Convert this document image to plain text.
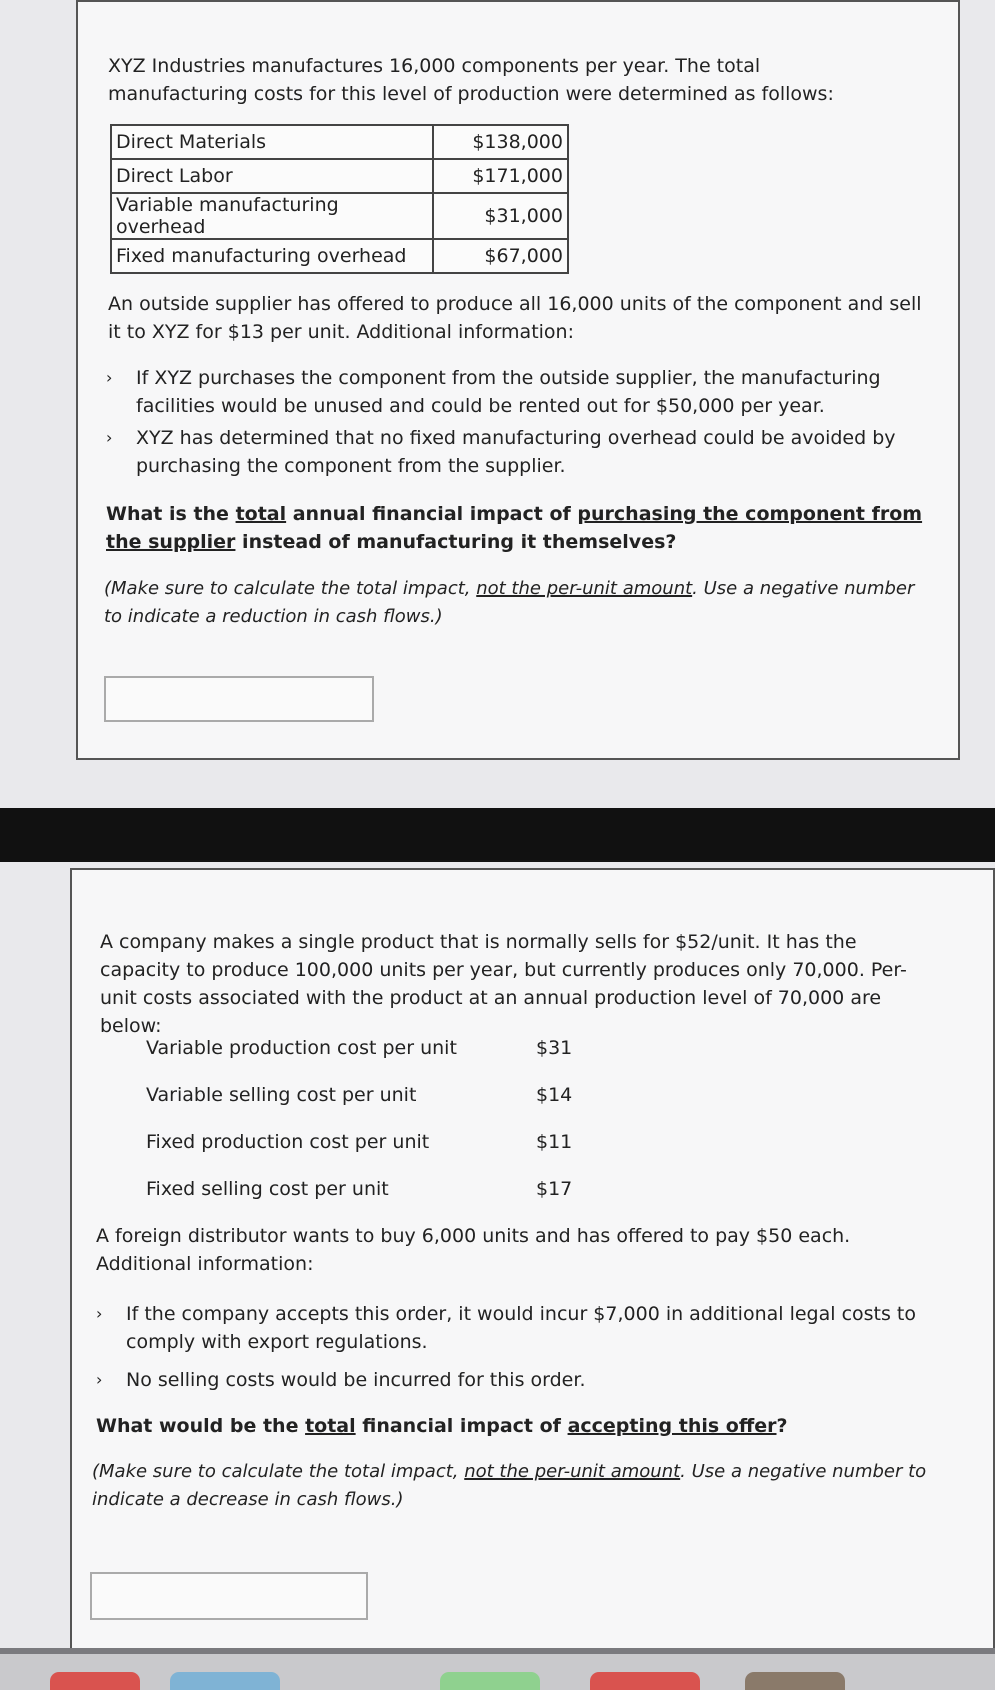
XYZ Industries manufactures 16,000 components per year. The total manufacturing costs for this level of production were determined as follows:
Direct Materials	$138,000
Direct Labor	$171,000
Variable manufacturing overhead	$31,000
Fixed manufacturing overhead	$67,000
An outside supplier has offered to produce all 16,000 units of the component and sell it to XYZ for $13 per unit. Additional information:
› If XYZ purchases the component from the outside supplier, the manufacturing facilities would be unused and could be rented out for $50,000 per year.
› XYZ has determined that no fixed manufacturing overhead could be avoided by purchasing the component from the supplier.
What is the total annual financial impact of purchasing the component from the supplier instead of manufacturing it themselves?
(Make sure to calculate the total impact, not the per-unit amount. Use a negative number to indicate a reduction in cash flows.)
A company makes a single product that is normally sells for $52/unit. It has the capacity to produce 100,000 units per year, but currently produces only 70,000. Per-unit costs associated with the product at an annual production level of 70,000 are below:
Variable production cost per unit	$31
Variable selling cost per unit	$14
Fixed production cost per unit	$11
Fixed selling cost per unit	$17
A foreign distributor wants to buy 6,000 units and has offered to pay $50 each. Additional information:
› If the company accepts this order, it would incur $7,000 in additional legal costs to comply with export regulations.
› No selling costs would be incurred for this order.
What would be the total financial impact of accepting this offer?
(Make sure to calculate the total impact, not the per-unit amount. Use a negative number to indicate a decrease in cash flows.)
